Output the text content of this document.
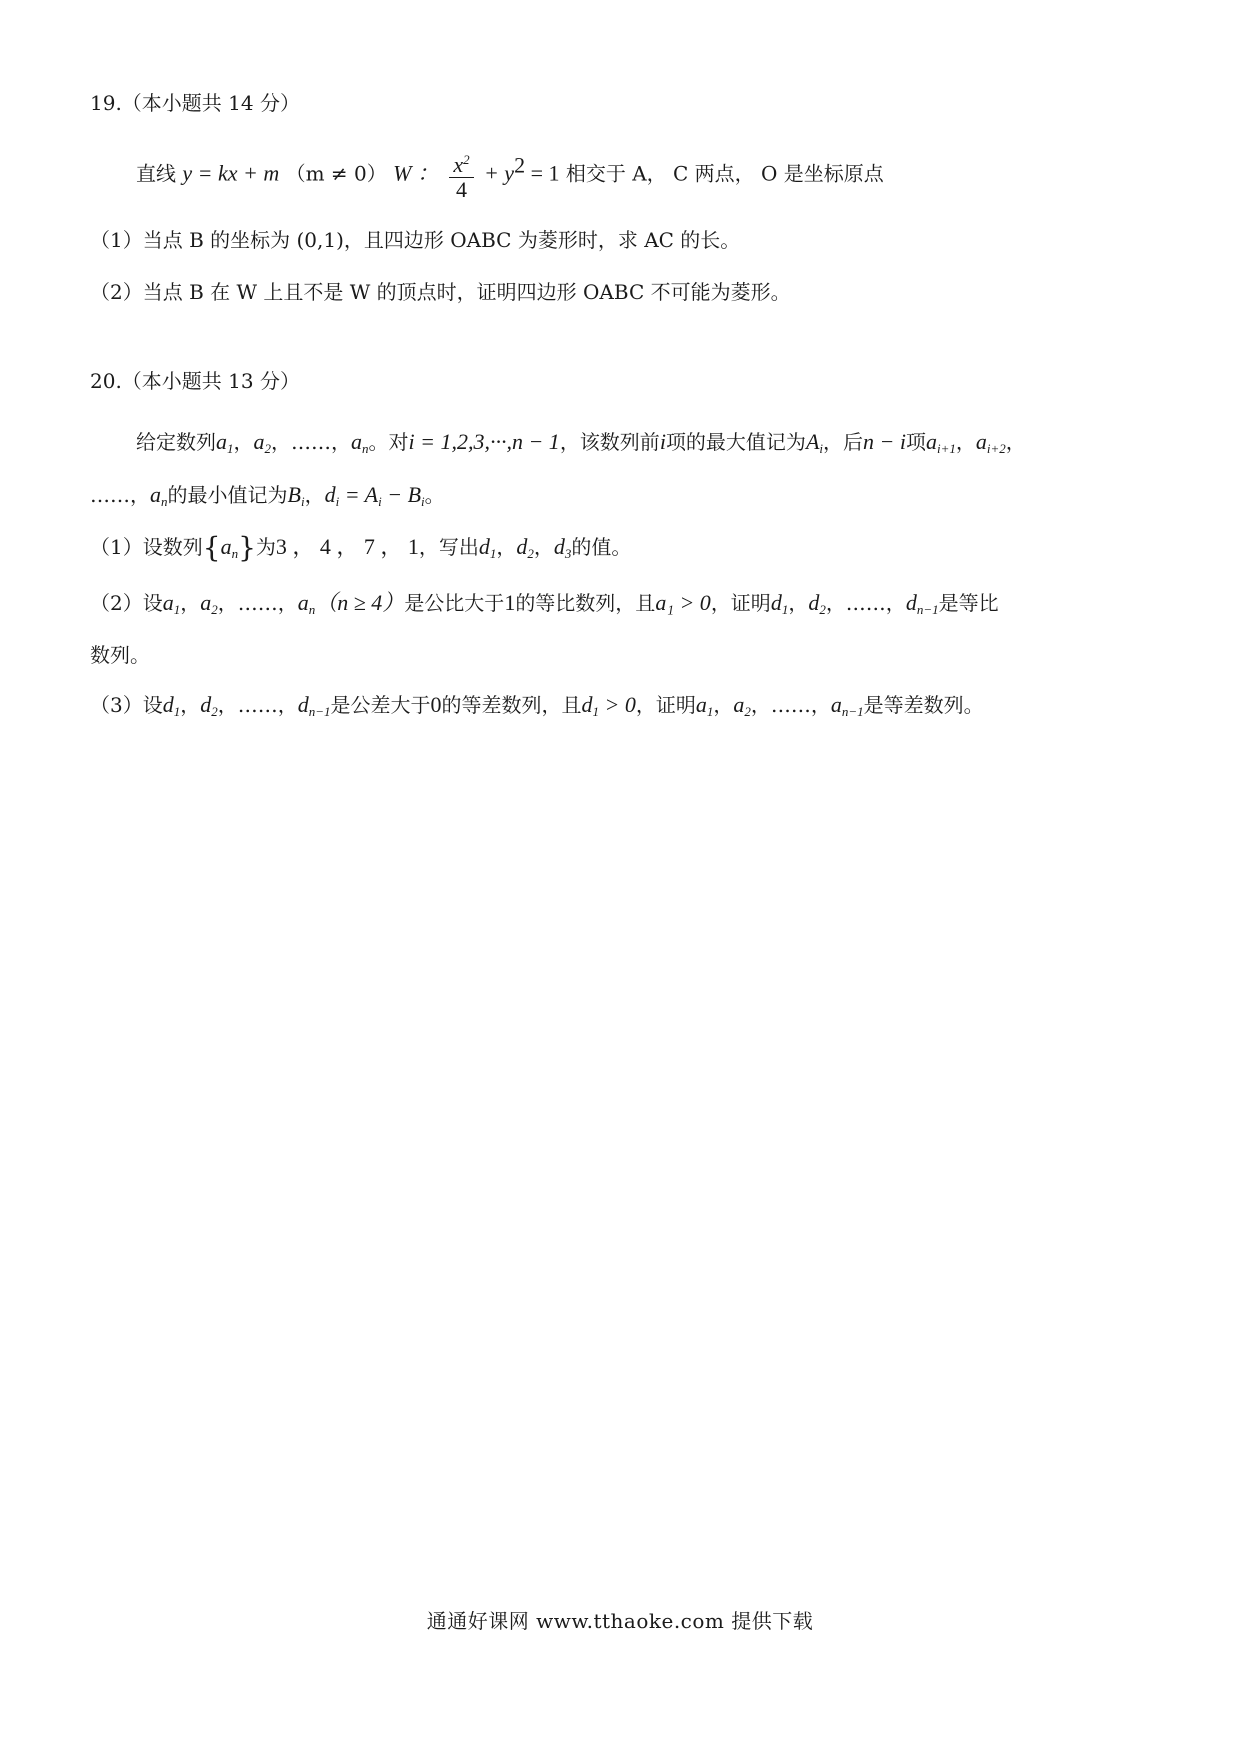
19.（本小题共 14 分）
直线 y = kx + m （m ≠ 0） W ： $\frac{x^2}{4} + y^2 = 1$ 相交于 A， C 两点， O 是坐标原点
（1）当点 B 的坐标为 (0,1)，且四边形 OABC 为菱形时，求 AC 的长。
（2）当点 B 在 W 上且不是 W 的顶点时，证明四边形 OABC 不可能为菱形。
20.（本小题共 13 分）
给定数列$a_1$，$a_2$，……，$a_n$。对i = 1,2,3,···,n − 1，该数列前i项的最大值记为$A_i$，后n − i项$a_{i+1}$，$a_{i+2}$，
……，$a_n$的最小值记为$B_i$，$d_i = A_i - B_i$。
（1）设数列$\{a_n\}$为3 ， 4 ， 7 ， 1，写出$d_1$，$d_2$，$d_3$的值。
（2）设$a_1$，$a_2$，……，$a_n(n \ge 4)$是公比大于1的等比数列，且a₁ > 0，证明$d_1$，$d_2$，……，$d_{n-1}$是等比
数列。
（3）设$d_1$，$d_2$，……，$d_{n-1}$是公差大于0的等差数列，且$d_1 > 0$，证明$a_1$，$a_2$，……，$a_{n-1}$是等差数列。
通通好课网 www.tthaoke.com 提供下载
